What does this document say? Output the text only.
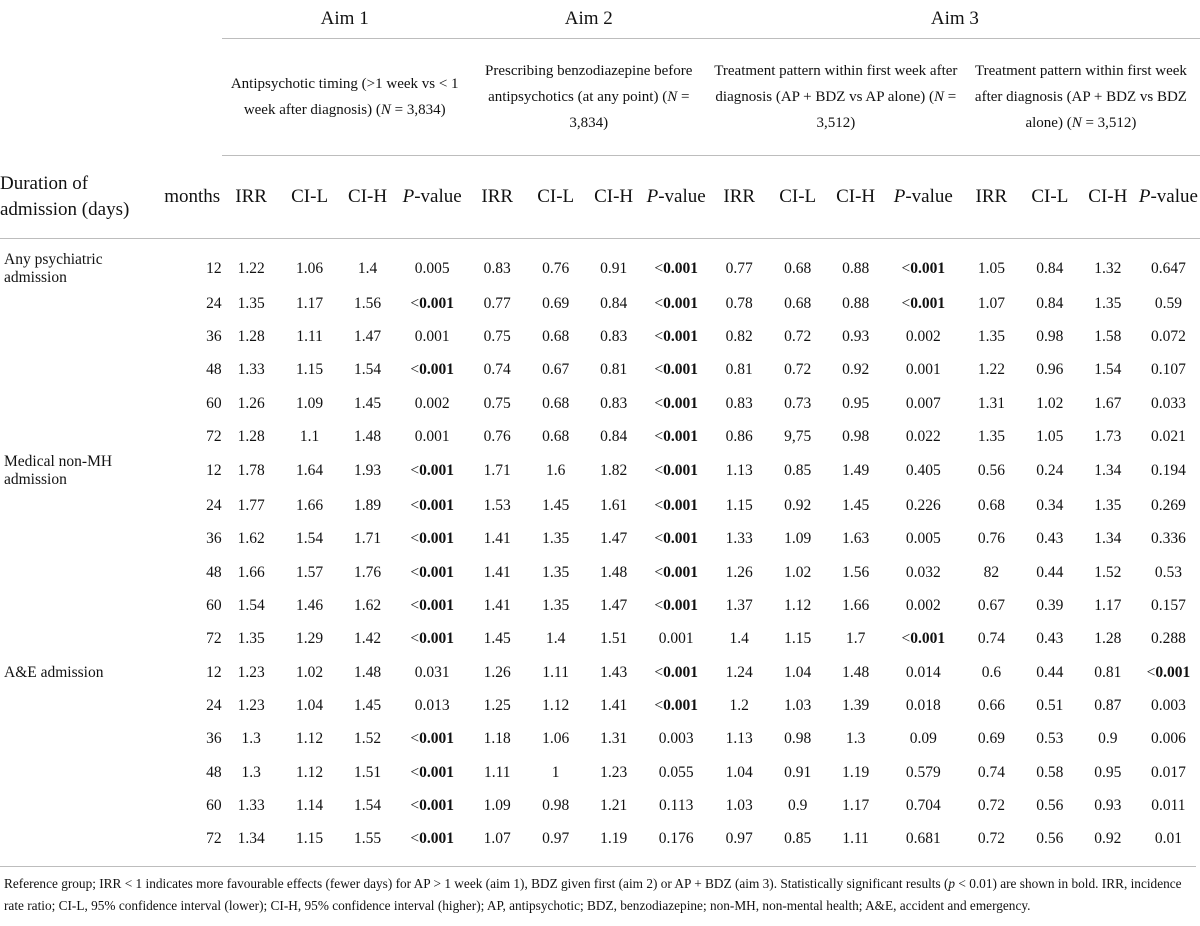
		Aim 1				Aim 2				Aim 3							
		Antipsychotic timing (>1 week vs < 1 week after diagnosis) (N = 3,834)				Prescribing benzodiazepine before antipsychotics (at any point) (N = 3,834)				Treatment pattern within first week after diagnosis (AP + BDZ vs AP alone) (N = 3,512)				Treatment pattern within first week after diagnosis (AP + BDZ vs BDZ alone) (N = 3,512)			
Duration of admission (days)	months	IRR	CI-L	CI-H	P-value	IRR	CI-L	CI-H	P-value	IRR	CI-L	CI-H	P-value	IRR	CI-L	CI-H	P-value
Any psychiatric admission	12	1.22	1.06	1.4	0.005	0.83	0.76	0.91	<0.001	0.77	0.68	0.88	<0.001	1.05	0.84	1.32	0.647
	24	1.35	1.17	1.56	<0.001	0.77	0.69	0.84	<0.001	0.78	0.68	0.88	<0.001	1.07	0.84	1.35	0.59
	36	1.28	1.11	1.47	0.001	0.75	0.68	0.83	<0.001	0.82	0.72	0.93	0.002	1.35	0.98	1.58	0.072
	48	1.33	1.15	1.54	<0.001	0.74	0.67	0.81	<0.001	0.81	0.72	0.92	0.001	1.22	0.96	1.54	0.107
	60	1.26	1.09	1.45	0.002	0.75	0.68	0.83	<0.001	0.83	0.73	0.95	0.007	1.31	1.02	1.67	0.033
	72	1.28	1.1	1.48	0.001	0.76	0.68	0.84	<0.001	0.86	9,75	0.98	0.022	1.35	1.05	1.73	0.021
Medical non-MH admission	12	1.78	1.64	1.93	<0.001	1.71	1.6	1.82	<0.001	1.13	0.85	1.49	0.405	0.56	0.24	1.34	0.194
	24	1.77	1.66	1.89	<0.001	1.53	1.45	1.61	<0.001	1.15	0.92	1.45	0.226	0.68	0.34	1.35	0.269
	36	1.62	1.54	1.71	<0.001	1.41	1.35	1.47	<0.001	1.33	1.09	1.63	0.005	0.76	0.43	1.34	0.336
	48	1.66	1.57	1.76	<0.001	1.41	1.35	1.48	<0.001	1.26	1.02	1.56	0.032	82	0.44	1.52	0.53
	60	1.54	1.46	1.62	<0.001	1.41	1.35	1.47	<0.001	1.37	1.12	1.66	0.002	0.67	0.39	1.17	0.157
	72	1.35	1.29	1.42	<0.001	1.45	1.4	1.51	0.001	1.4	1.15	1.7	<0.001	0.74	0.43	1.28	0.288
A&E admission	12	1.23	1.02	1.48	0.031	1.26	1.11	1.43	<0.001	1.24	1.04	1.48	0.014	0.6	0.44	0.81	<0.001
	24	1.23	1.04	1.45	0.013	1.25	1.12	1.41	<0.001	1.2	1.03	1.39	0.018	0.66	0.51	0.87	0.003
	36	1.3	1.12	1.52	<0.001	1.18	1.06	1.31	0.003	1.13	0.98	1.3	0.09	0.69	0.53	0.9	0.006
	48	1.3	1.12	1.51	<0.001	1.11	1	1.23	0.055	1.04	0.91	1.19	0.579	0.74	0.58	0.95	0.017
	60	1.33	1.14	1.54	<0.001	1.09	0.98	1.21	0.113	1.03	0.9	1.17	0.704	0.72	0.56	0.93	0.011
	72	1.34	1.15	1.55	<0.001	1.07	0.97	1.19	0.176	0.97	0.85	1.11	0.681	0.72	0.56	0.92	0.01
Reference group; IRR < 1 indicates more favourable effects (fewer days) for AP > 1 week (aim 1), BDZ given first (aim 2) or AP + BDZ (aim 3). Statistically significant results (p < 0.01) are shown in bold. IRR, incidence rate ratio; CI-L, 95% confidence interval (lower); CI-H, 95% confidence interval (higher); AP, antipsychotic; BDZ, benzodiazepine; non-MH, non-mental health; A&E, accident and emergency.
